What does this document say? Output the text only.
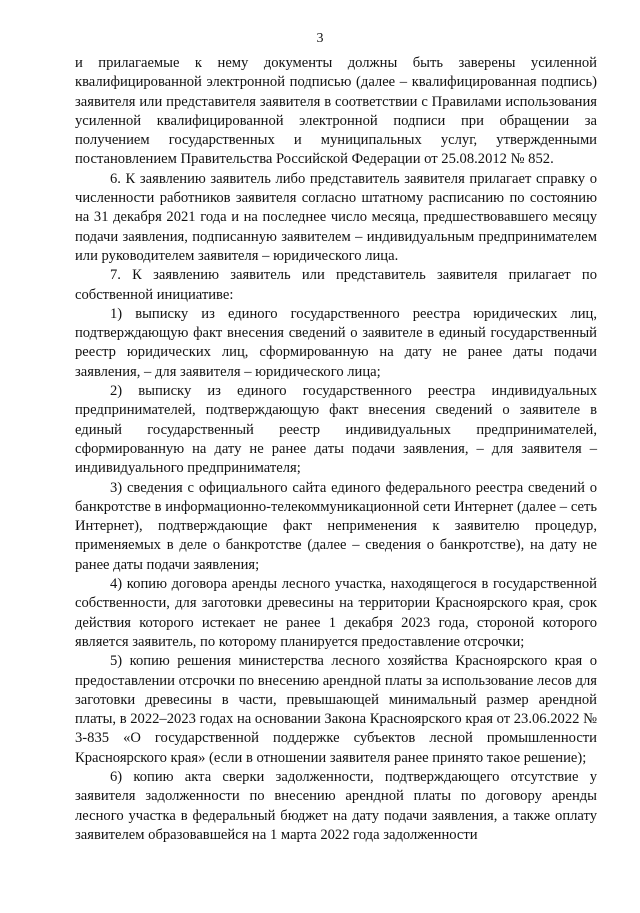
3

и прилагаемые к нему документы должны быть заверены усиленной квалифицированной электронной подписью (далее – квалифицированная подпись) заявителя или представителя заявителя в соответствии с Правилами использования усиленной квалифицированной электронной подписи при обращении за получением государственных и муниципальных услуг, утвержденными постановлением Правительства Российской Федерации от 25.08.2012 № 852.

6. К заявлению заявитель либо представитель заявителя прилагает справку о численности работников заявителя согласно штатному расписанию по состоянию на 31 декабря 2021 года и на последнее число месяца, предшествовавшего месяцу подачи заявления, подписанную заявителем – индивидуальным предпринимателем или руководителем заявителя – юридического лица.

7. К заявлению заявитель или представитель заявителя прилагает по собственной инициативе:

1) выписку из единого государственного реестра юридических лиц, подтверждающую факт внесения сведений о заявителе в единый государственный реестр юридических лиц, сформированную на дату не ранее даты подачи заявления, – для заявителя – юридического лица;

2) выписку из единого государственного реестра индивидуальных предпринимателей, подтверждающую факт внесения сведений о заявителе в единый государственный реестр индивидуальных предпринимателей, сформированную на дату не ранее даты подачи заявления, – для заявителя – индивидуального предпринимателя;

3) сведения с официального сайта единого федерального реестра сведений о банкротстве в информационно-телекоммуникационной сети Интернет (далее – сеть Интернет), подтверждающие факт неприменения к заявителю процедур, применяемых в деле о банкротстве (далее – сведения о банкротстве), на дату не ранее даты подачи заявления;

4) копию договора аренды лесного участка, находящегося в государственной собственности, для заготовки древесины на территории Красноярского края, срок действия которого истекает не ранее 1 декабря 2023 года, стороной которого является заявитель, по которому планируется предоставление отсрочки;

5) копию решения министерства лесного хозяйства Красноярского края о предоставлении отсрочки по внесению арендной платы за использование лесов для заготовки древесины в части, превышающей минимальный размер арендной платы, в 2022–2023 годах на основании Закона Красноярского края от 23.06.2022 № 3-835 «О государственной поддержке субъектов лесной промышленности Красноярского края» (если в отношении заявителя ранее принято такое решение);

6) копию акта сверки задолженности, подтверждающего отсутствие у заявителя задолженности по внесению арендной платы по договору аренды лесного участка в федеральный бюджет на дату подачи заявления, а также оплату заявителем образовавшейся на 1 марта 2022 года задолженности
